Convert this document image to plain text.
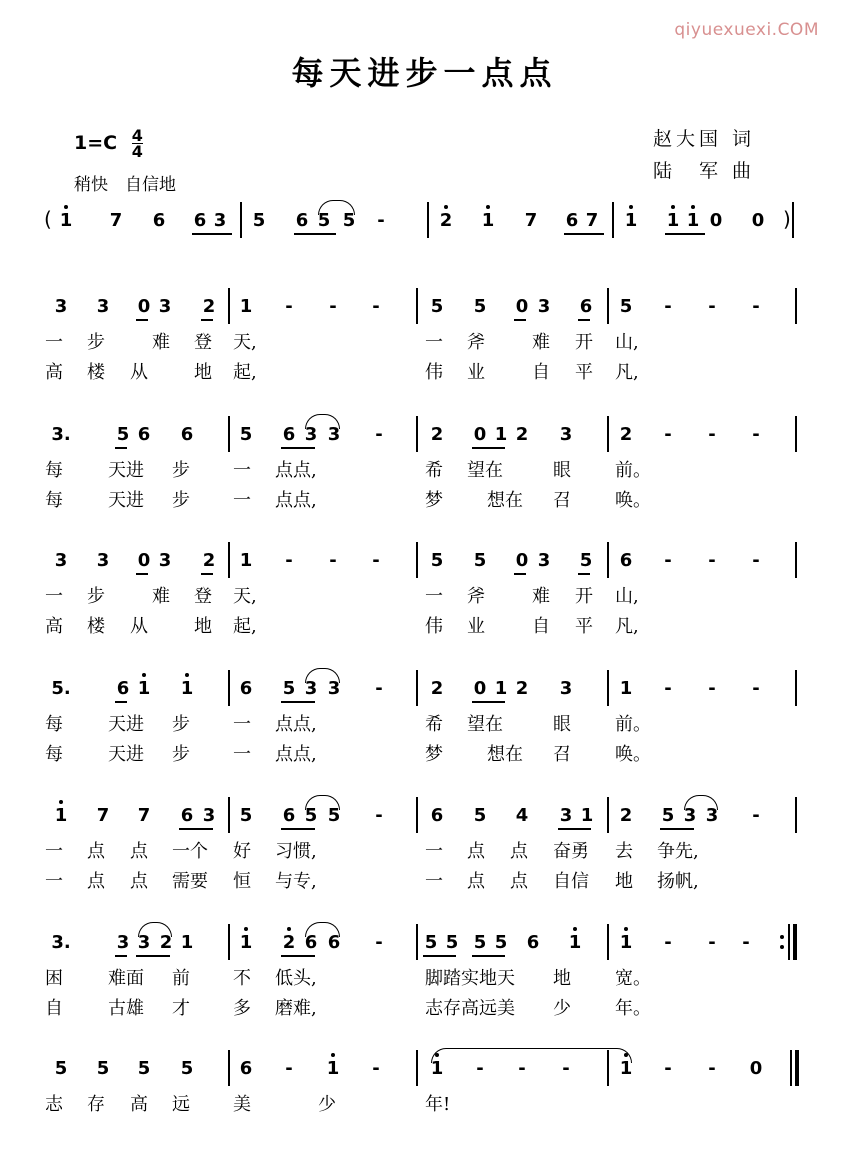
qiyuexuexi.COM
每天进步一点点
$1=C \frac{4}{4}$
稍快　自信地
赵大国 词
陆　军 曲
1 7 6 6 3 5 6 5 5	-	2 1 7 6 7 1 1 1 0 0
(	)
3 3 0 3 2 1	-	-	-	5 5 0 3 6 5	-	-	-
一 步	难 登 天,	一 斧	难 开 山,
高 楼 从	地 起,	伟 业	自 平 凡,
3.	5 6 6	5 6 3 3	-	2 0 1 2 3	2	-	-	-
每	天进 步 一 点点,	希 望在	眼 前。
每	天进 步 一 点点,	梦 想在 召 唤。
3 3 0 3 2 1	-	-	-	5 5 0 3 5 6	-	-	-
一 步	难 登 天,	一 斧	难 开 山,
高 楼 从	地 起,	伟 业	自 平 凡,
5.	6 1 1	6 5 3 3	-	2 0 1 2 3	1	-	-	-
每	天进 步 一 点点,	希 望在	眼 前。
每	天进 步 一 点点,	梦 想在 召 唤。
1 7 7 6 3 5 6 5 5	-	6 5 4 3 1 2 5 3 3	-
一 点 点 一个 好 习惯,	一 点 点 奋勇 去 争先,
一 点 点 需要 恒 与专,	一 点 点 自信 地 扬帆,
3.	3 3 2 1	1 2 6 6	-	5 5 5 5 6 1 1	-	-	-
困	难面 前 不 低头,	脚踏实地天 地 宽。
自	古雄 才 多 磨难,	志存高远美 少 年。
5 5 5 5	6	-	1	-	1	-	-	-	1	-	-	0
志 存 高 远 美	少	年!
